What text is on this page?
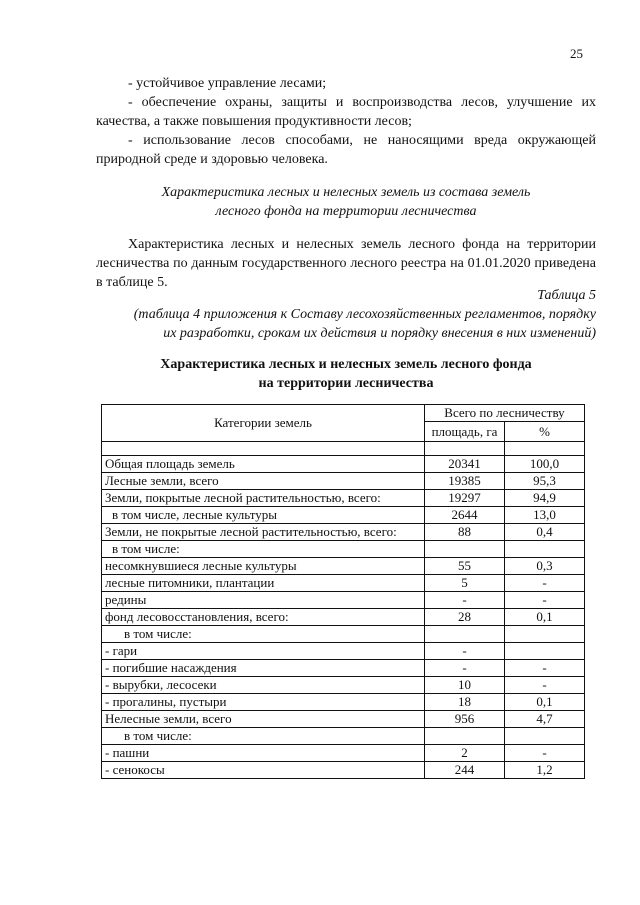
25

- устойчивое управление лесами;

- обеспечение охраны, защиты и воспроизводства лесов, улучшение их качества, а также повышения продуктивности лесов;

- использование лесов способами, не наносящими вреда окружающей природной среде и здоровью человека.

Характеристика лесных и нелесных земель из состава земель
лесного фонда на территории лесничества

Характеристика лесных и нелесных земель лесного фонда на территории лесничества по данным государственного лесного реестра на 01.01.2020 приведена в таблице 5.

Таблица 5
(таблица 4 приложения к Составу лесохозяйственных регламентов, порядку
их разработки, срокам их действия и порядку внесения в них изменений)
Характеристика лесных и нелесных земель лесного фонда
на территории лесничества
Категории земель	Всего по лесничеству	
	площадь, га	%

Общая площадь земель	20341	100,0
Лесные земли, всего	19385	95,3
Земли, покрытые лесной растительностью, всего:	19297	94,9
в том числе, лесные культуры	2644	13,0
Земли, не покрытые лесной растительностью, всего:	88	0,4
в том числе:		
несомкнувшиеся лесные культуры	55	0,3
лесные питомники, плантации	5	-
редины	-	-
фонд лесовосстановления, всего:	28	0,1
в том числе:		
- гари	-	
- погибшие насаждения	-	-
- вырубки, лесосеки	10	-
- прогалины, пустыри	18	0,1
Нелесные земли, всего	956	4,7
в том числе:		
- пашни	2	-
- сенокосы	244	1,2
